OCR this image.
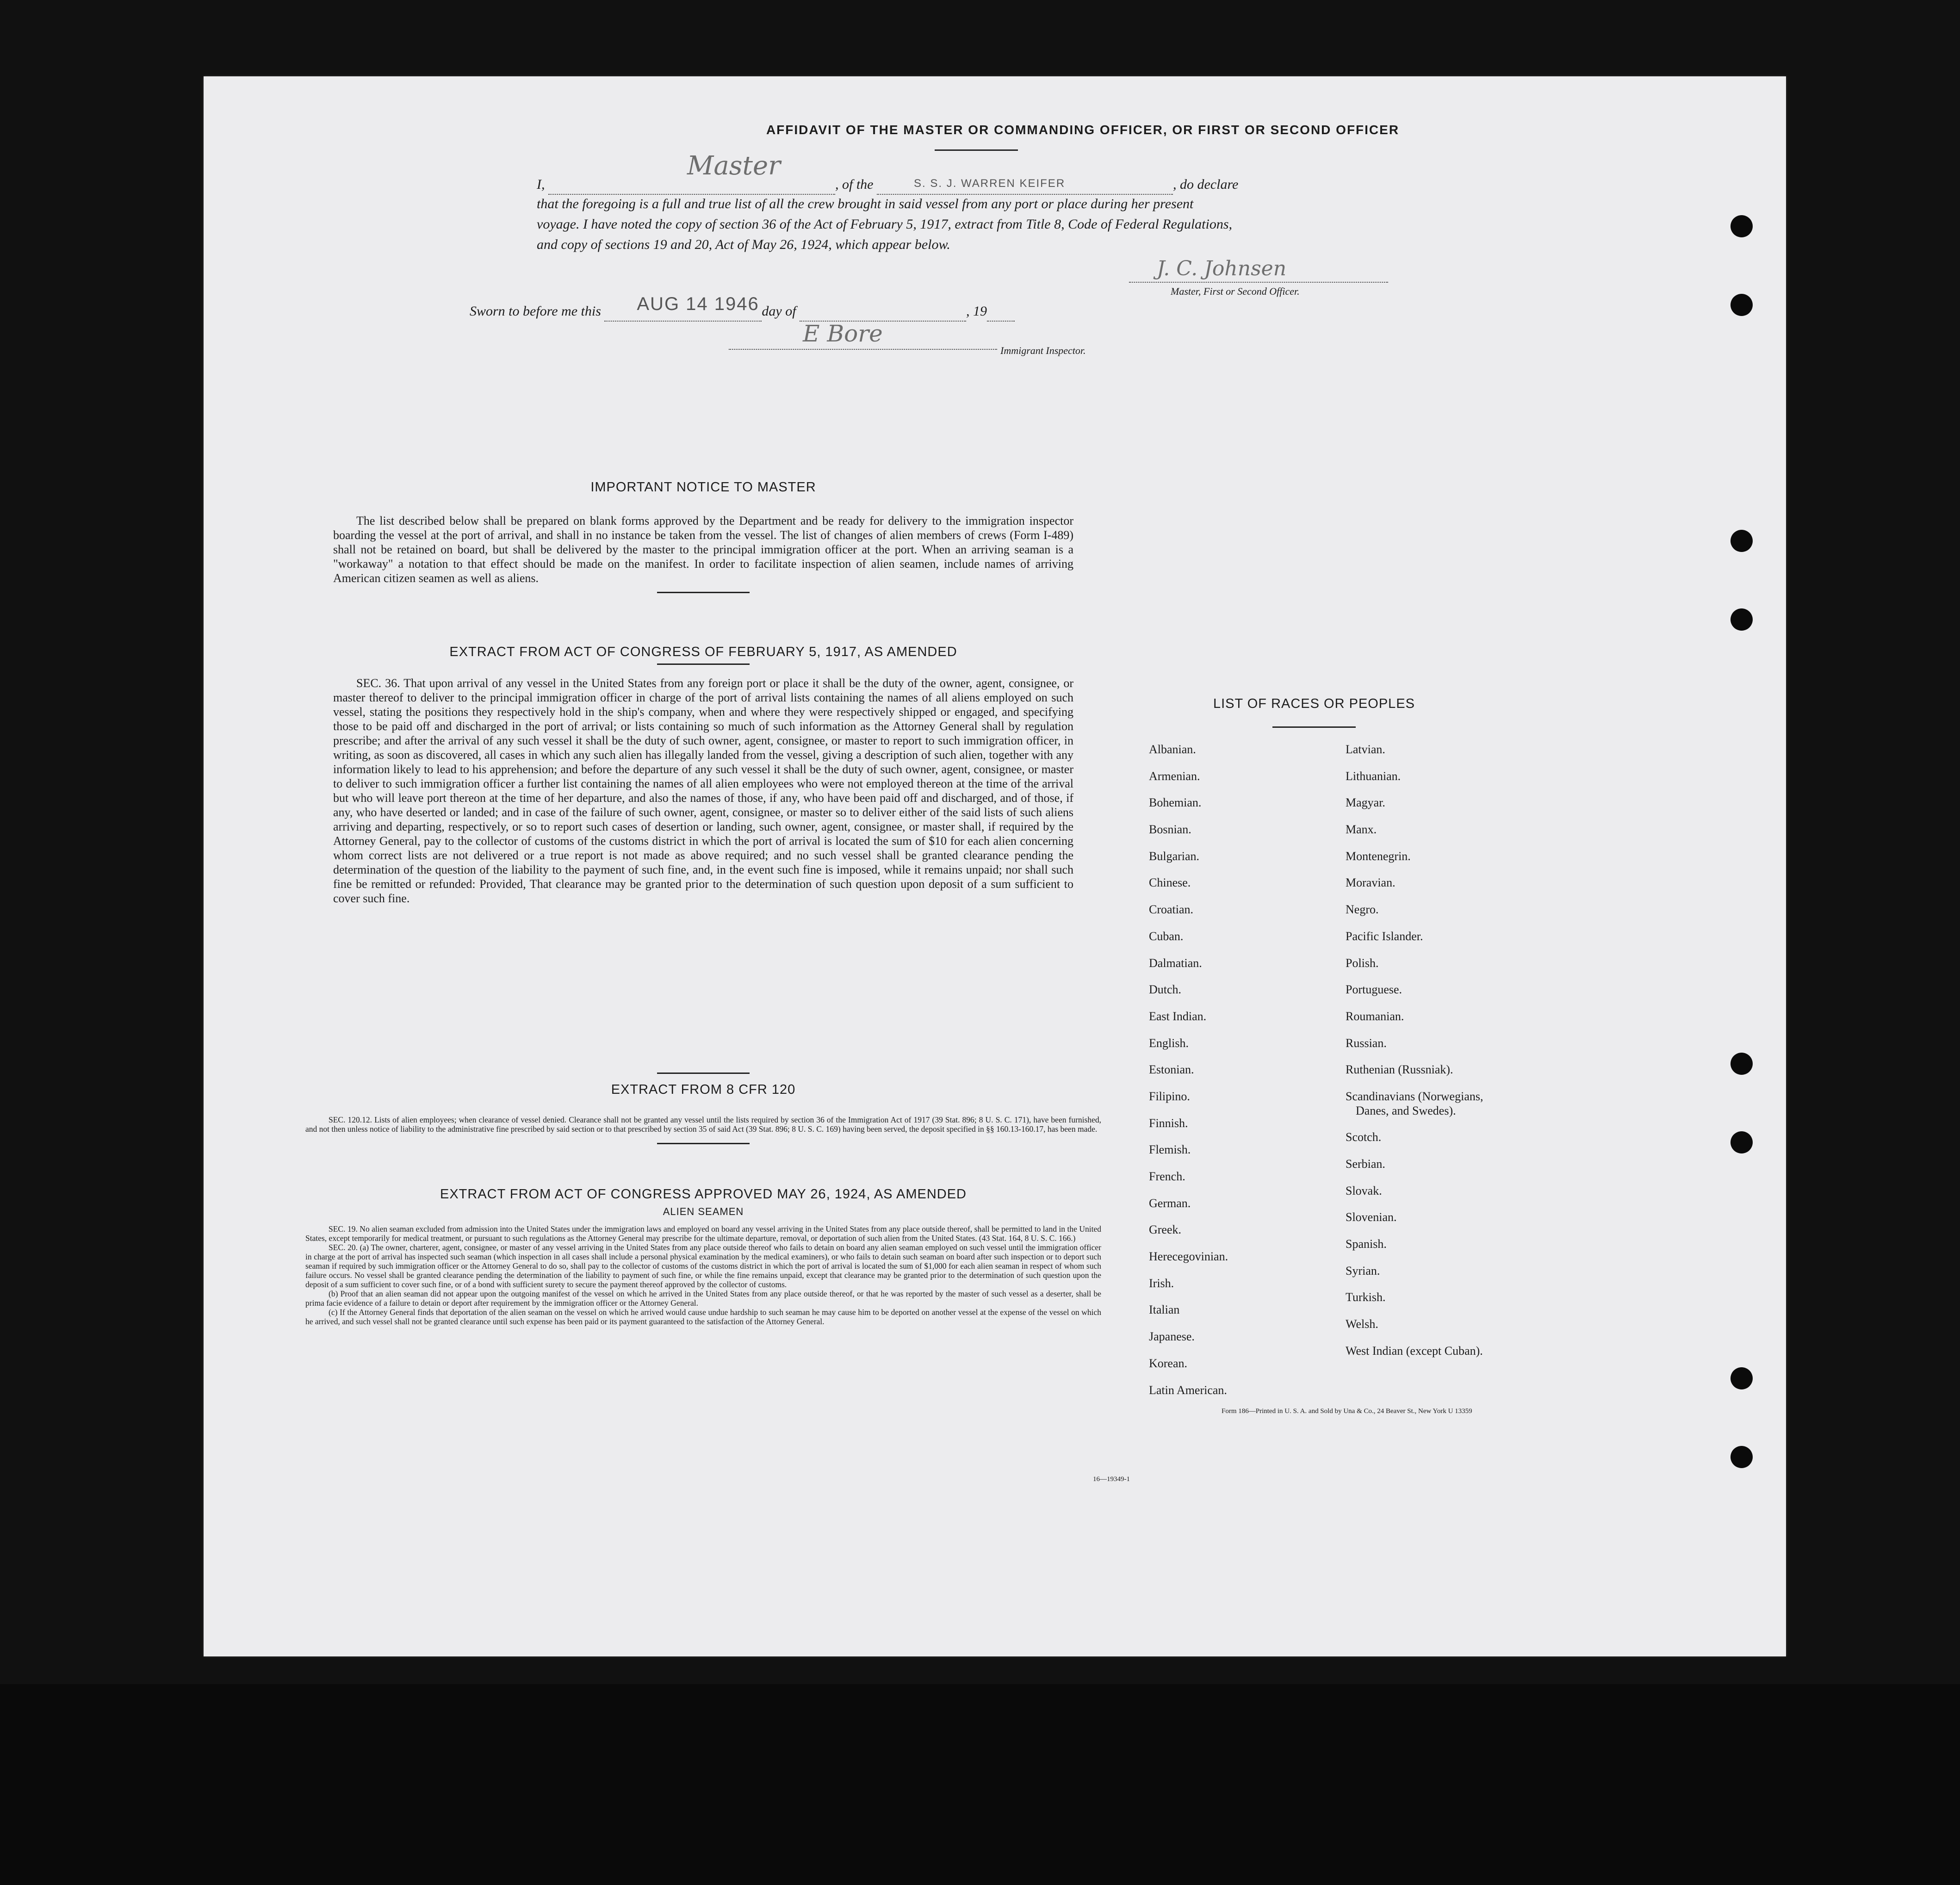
AFFIDAVIT OF THE MASTER OR COMMANDING OFFICER, OR FIRST OR SECOND OFFICER
I,
Master
, of the	S. S. J. WARREN KEIFER	, do declare
that the foregoing is a full and true list of all the crew brought in said vessel from any port or place during her present
voyage. I have noted the copy of section 36 of the Act of February 5, 1917, extract from Title 8, Code of Federal Regulations,
and copy of sections 19 and 20, Act of May 26, 1924, which appear below.
J. C. Johnsen
Master, First or Second Officer.
Sworn to before me this AUG 14 1946 day of	, 19
E Bore
Immigrant Inspector.
IMPORTANT NOTICE TO MASTER
The list described below shall be prepared on blank forms approved by the Department and be ready for delivery to the immigration inspector boarding the vessel at the port of arrival, and shall in no instance be taken from the vessel. The list of changes of alien members of crews (Form I-489) shall not be retained on board, but shall be delivered by the master to the principal immigration officer at the port. When an arriving seaman is a "workaway" a notation to that effect should be made on the manifest. In order to facilitate inspection of alien seamen, include names of arriving American citizen seamen as well as aliens.
EXTRACT FROM ACT OF CONGRESS OF FEBRUARY 5, 1917, AS AMENDED
SEC. 36. That upon arrival of any vessel in the United States from any foreign port or place it shall be the duty of the owner, agent, consignee, or master thereof to deliver to the principal immigration officer in charge of the port of arrival lists containing the names of all aliens employed on such vessel, stating the positions they respectively hold in the ship's company, when and where they were respectively shipped or engaged, and specifying those to be paid off and discharged in the port of arrival; or lists containing so much of such information as the Attorney General shall by regulation prescribe; and after the arrival of any such vessel it shall be the duty of such owner, agent, consignee, or master to report to such immigration officer, in writing, as soon as discovered, all cases in which any such alien has illegally landed from the vessel, giving a description of such alien, together with any information likely to lead to his apprehension; and before the departure of any such vessel it shall be the duty of such owner, agent, consignee, or master to deliver to such immigration officer a further list containing the names of all alien employees who were not employed thereon at the time of the arrival but who will leave port thereon at the time of her departure, and also the names of those, if any, who have been paid off and discharged, and of those, if any, who have deserted or landed; and in case of the failure of such owner, agent, consignee, or master so to deliver either of the said lists of such aliens arriving and departing, respectively, or so to report such cases of desertion or landing, such owner, agent, consignee, or master shall, if required by the Attorney General, pay to the collector of customs of the customs district in which the port of arrival is located the sum of $10 for each alien concerning whom correct lists are not delivered or a true report is not made as above required; and no such vessel shall be granted clearance pending the determination of the question of the liability to the payment of such fine, and, in the event such fine is imposed, while it remains unpaid; nor shall such fine be remitted or refunded: Provided, That clearance may be granted prior to the determination of such question upon deposit of a sum sufficient to cover such fine.
EXTRACT FROM 8 CFR 120

SEC. 120.12. Lists of alien employees; when clearance of vessel denied. Clearance shall not be granted any vessel until the lists required by section 36 of the Immigration Act of 1917 (39 Stat. 896; 8 U. S. C. 171), have been furnished, and not then unless notice of liability to the administrative fine prescribed by said section or to that prescribed by section 35 of said Act (39 Stat. 896; 8 U. S. C. 169) having been served, the deposit specified in §§ 160.13-160.17, has been made.

EXTRACT FROM ACT OF CONGRESS APPROVED MAY 26, 1924, AS AMENDED
ALIEN SEAMEN

SEC. 19. No alien seaman excluded from admission into the United States under the immigration laws and employed on board any vessel arriving in the United States from any place outside thereof, shall be permitted to land in the United States, except temporarily for medical treatment, or pursuant to such regulations as the Attorney General may prescribe for the ultimate departure, removal, or deportation of such alien from the United States. (43 Stat. 164, 8 U. S. C. 166.)

SEC. 20. (a) The owner, charterer, agent, consignee, or master of any vessel arriving in the United States from any place outside thereof who fails to detain on board any alien seaman employed on such vessel until the immigration officer in charge at the port of arrival has inspected such seaman (which inspection in all cases shall include a personal physical examination by the medical examiners), or who fails to detain such seaman on board after such inspection or to deport such seaman if required by such immigration officer or the Attorney General to do so, shall pay to the collector of customs of the customs district in which the port of arrival is located the sum of $1,000 for each alien seaman in respect of whom such failure occurs. No vessel shall be granted clearance pending the determination of the liability to payment of such fine, or while the fine remains unpaid, except that clearance may be granted prior to the determination of such question upon the deposit of a sum sufficient to cover such fine, or of a bond with sufficient surety to secure the payment thereof approved by the collector of customs.

(b) Proof that an alien seaman did not appear upon the outgoing manifest of the vessel on which he arrived in the United States from any place outside thereof, or that he was reported by the master of such vessel as a deserter, shall be prima facie evidence of a failure to detain or deport after requirement by the immigration officer or the Attorney General.

(c) If the Attorney General finds that deportation of the alien seaman on the vessel on which he arrived would cause undue hardship to such seaman he may cause him to be deported on another vessel at the expense of the vessel on which he arrived, and such vessel shall not be granted clearance until such expense has been paid or its payment guaranteed to the satisfaction of the Attorney General.

16—19349-1
LIST OF RACES OR PEOPLES
Albanian.
Armenian.
Bohemian.
Bosnian.
Bulgarian.
Chinese.
Croatian.
Cuban.
Dalmatian.
Dutch.
East Indian.
English.
Estonian.
Filipino.
Finnish.
Flemish.
French.
German.
Greek.
Herecegovinian.
Irish.
Italian
Japanese.
Korean.
Latin American.
Latvian.
Lithuanian.
Magyar.
Manx.
Montenegrin.
Moravian.
Negro.
Pacific Islander.
Polish.
Portuguese.
Roumanian.
Russian.
Ruthenian (Russniak).
Scandinavians (Norwegians,
Danes, and Swedes).
Scotch.
Serbian.
Slovak.
Slovenian.
Spanish.
Syrian.
Turkish.
Welsh.
West Indian (except Cuban).
Form 186—Printed in U. S. A. and Sold by Una & Co., 24 Beaver St., New York U 13359
